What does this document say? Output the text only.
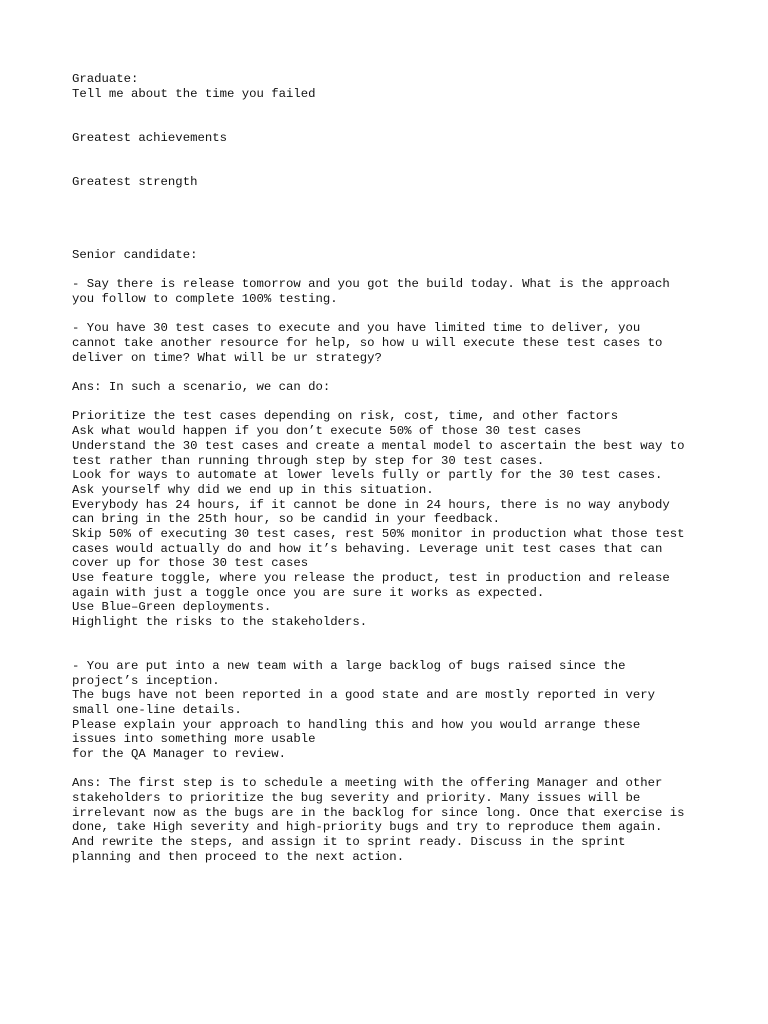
Graduate:

Tell me about the time you failed

Greatest achievements

Greatest strength

Senior candidate:

- Say there is release tomorrow and you got the build today. What is the approach

you follow to complete 100% testing.

- You have 30 test cases to execute and you have limited time to deliver, you

cannot take another resource for help, so how u will execute these test cases to

deliver on time? What will be ur strategy?

Ans: In such a scenario, we can do:

Prioritize the test cases depending on risk, cost, time, and other factors

Ask what would happen if you don’t execute 50% of those 30 test cases

Understand the 30 test cases and create a mental model to ascertain the best way to

test rather than running through step by step for 30 test cases.

Look for ways to automate at lower levels fully or partly for the 30 test cases.

Ask yourself why did we end up in this situation.

Everybody has 24 hours, if it cannot be done in 24 hours, there is no way anybody

can bring in the 25th hour, so be candid in your feedback.

Skip 50% of executing 30 test cases, rest 50% monitor in production what those test

cases would actually do and how it’s behaving. Leverage unit test cases that can

cover up for those 30 test cases

Use feature toggle, where you release the product, test in production and release

again with just a toggle once you are sure it works as expected.

Use Blue–Green deployments.

Highlight the risks to the stakeholders.

- You are put into a new team with a large backlog of bugs raised since the

project’s inception.

The bugs have not been reported in a good state and are mostly reported in very

small one-line details.

Please explain your approach to handling this and how you would arrange these

issues into something more usable

for the QA Manager to review.

Ans: The first step is to schedule a meeting with the offering Manager and other

stakeholders to prioritize the bug severity and priority. Many issues will be

irrelevant now as the bugs are in the backlog for since long. Once that exercise is

done, take High severity and high-priority bugs and try to reproduce them again.

And rewrite the steps, and assign it to sprint ready. Discuss in the sprint

planning and then proceed to the next action.
